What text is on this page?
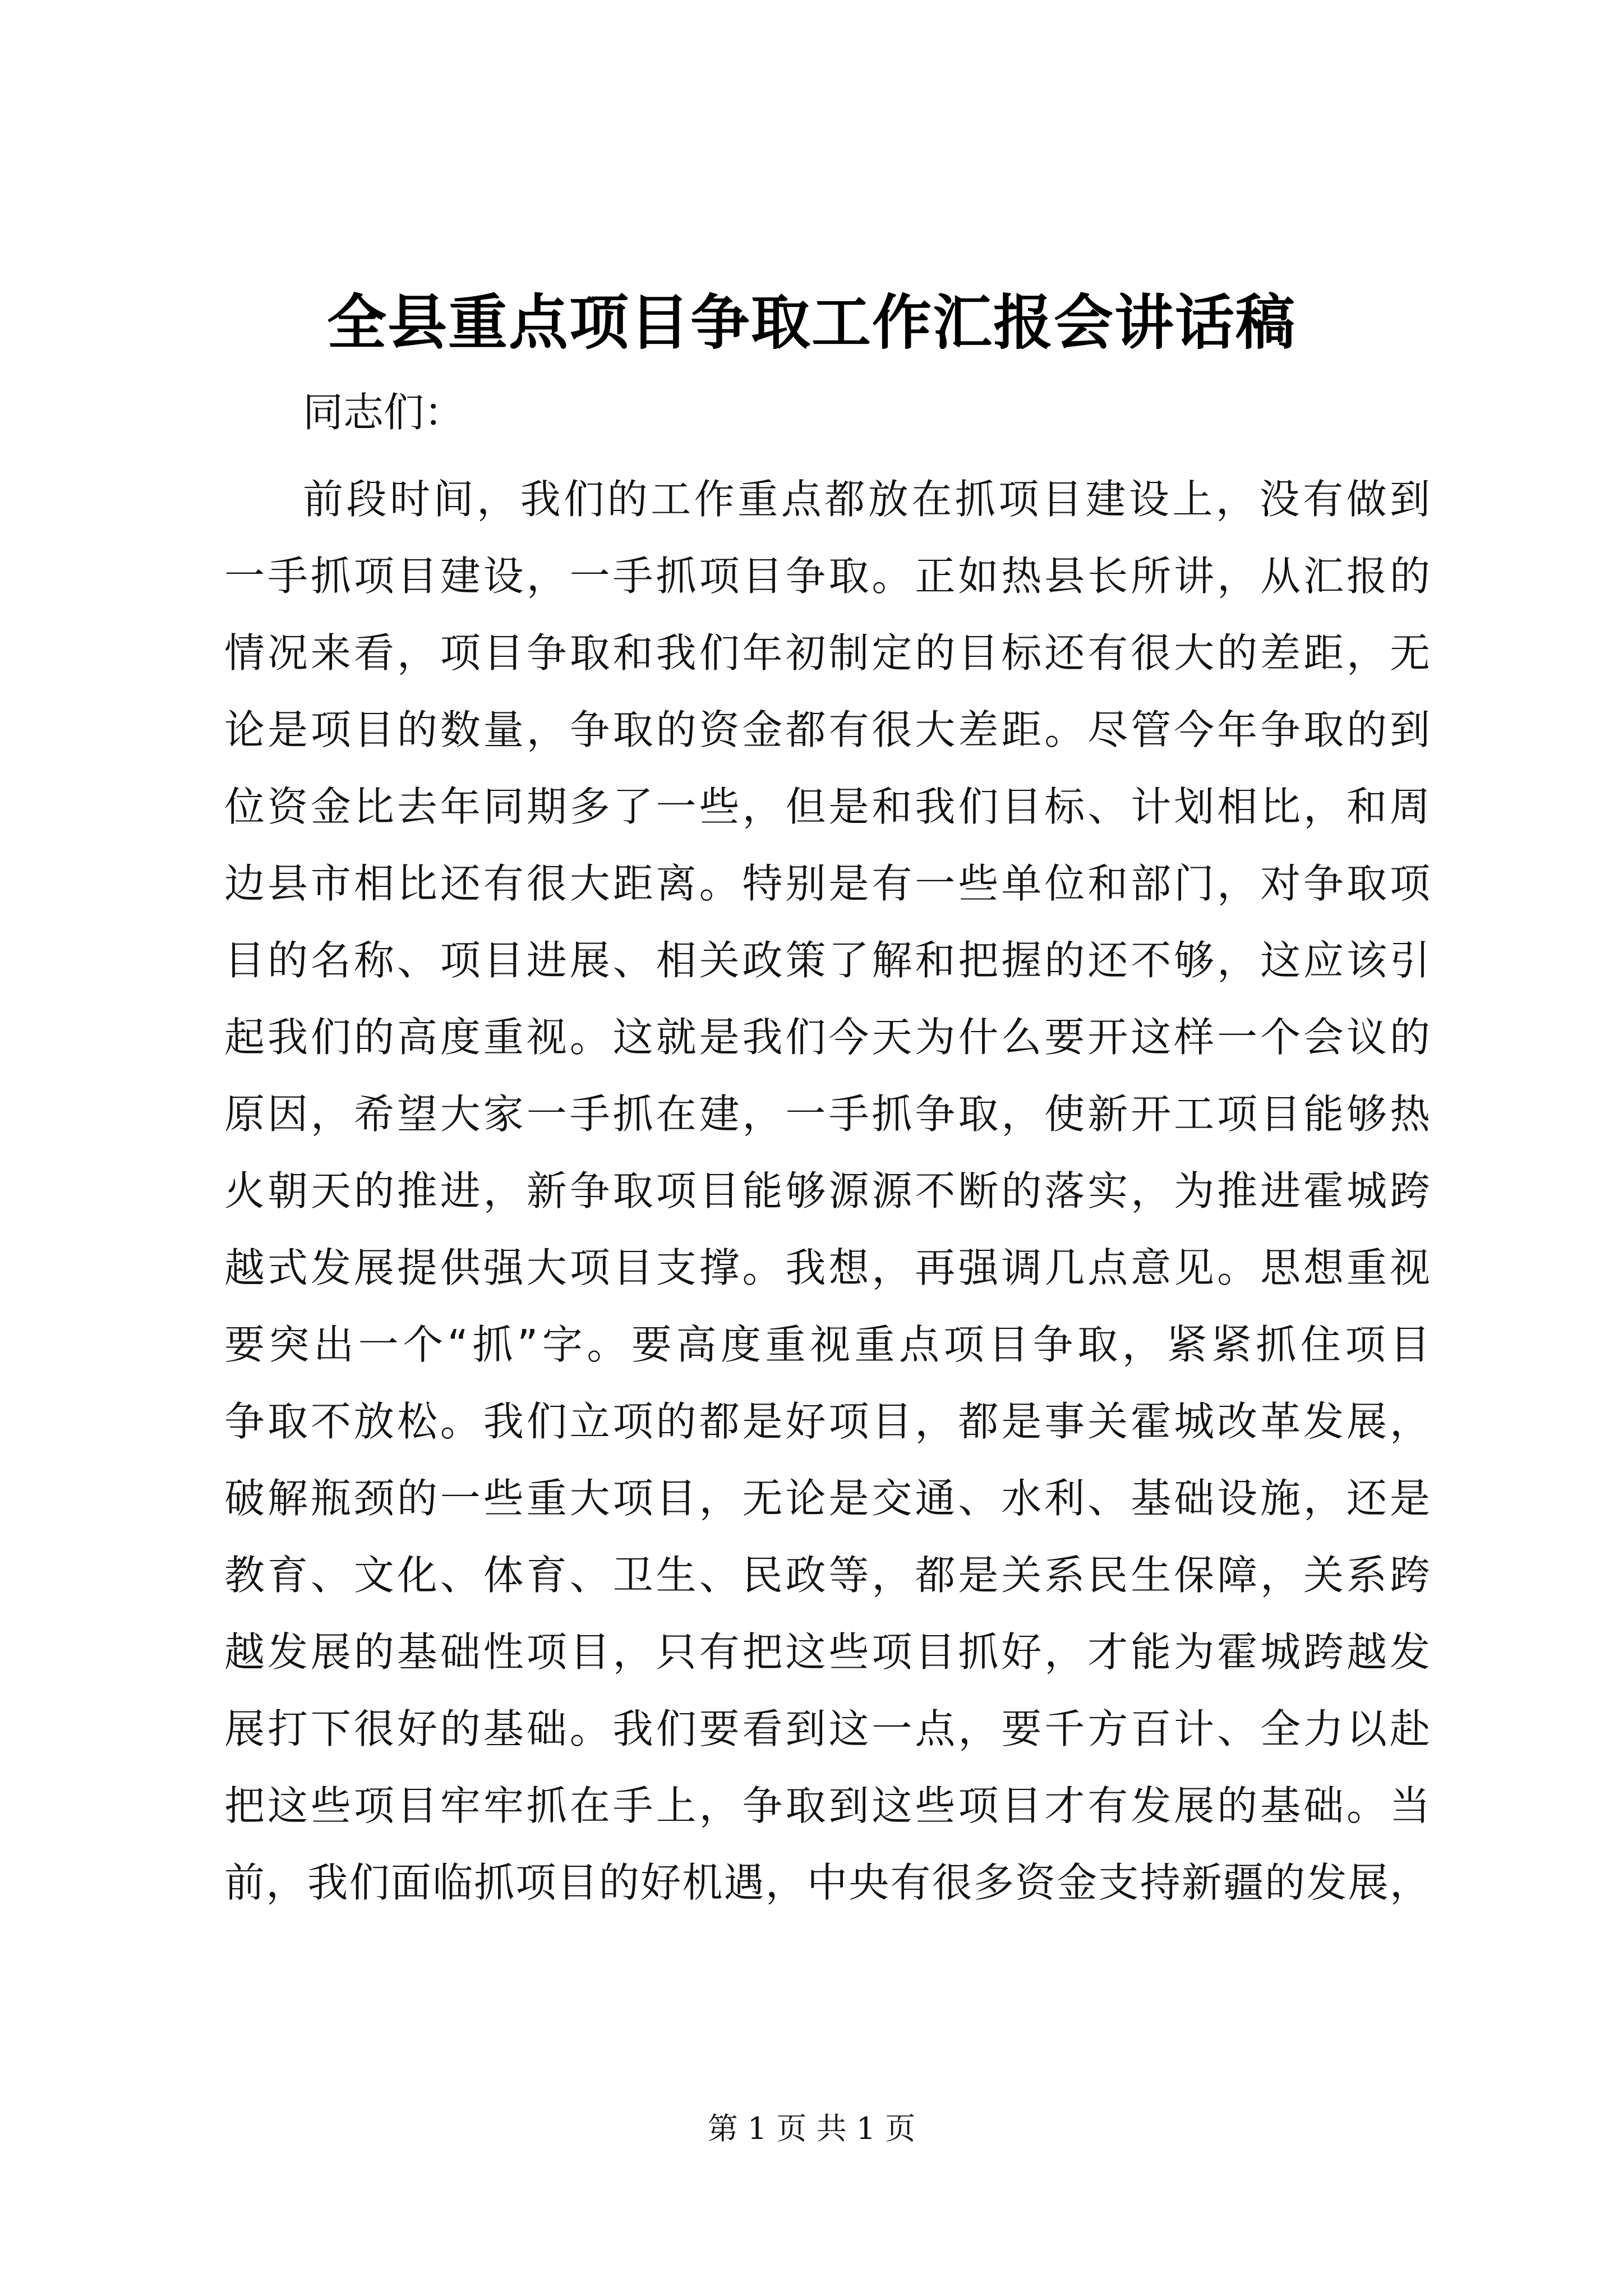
全县重点项目争取工作汇报会讲话稿

同志们：

前段时间，我们的工作重点都放在抓项目建设上，没有做到
一手抓项目建设，一手抓项目争取。正如热县长所讲，从汇报的
情况来看，项目争取和我们年初制定的目标还有很大的差距，无
论是项目的数量，争取的资金都有很大差距。尽管今年争取的到
位资金比去年同期多了一些，但是和我们目标、计划相比，和周
边县市相比还有很大距离。特别是有一些单位和部门，对争取项
目的名称、项目进展、相关政策了解和把握的还不够，这应该引
起我们的高度重视。这就是我们今天为什么要开这样一个会议的
原因，希望大家一手抓在建，一手抓争取，使新开工项目能够热
火朝天的推进，新争取项目能够源源不断的落实，为推进霍城跨
越式发展提供强大项目支撑。我想，再强调几点意见。思想重视
要突出一个“抓”字。要高度重视重点项目争取，紧紧抓住项目
争取不放松。我们立项的都是好项目，都是事关霍城改革发展，
破解瓶颈的一些重大项目，无论是交通、水利、基础设施，还是
教育、文化、体育、卫生、民政等，都是关系民生保障，关系跨
越发展的基础性项目，只有把这些项目抓好，才能为霍城跨越发
展打下很好的基础。我们要看到这一点，要千方百计、全力以赴
把这些项目牢牢抓在手上，争取到这些项目才有发展的基础。当
前，我们面临抓项目的好机遇，中央有很多资金支持新疆的发展，

第 1 页 共 1 页
